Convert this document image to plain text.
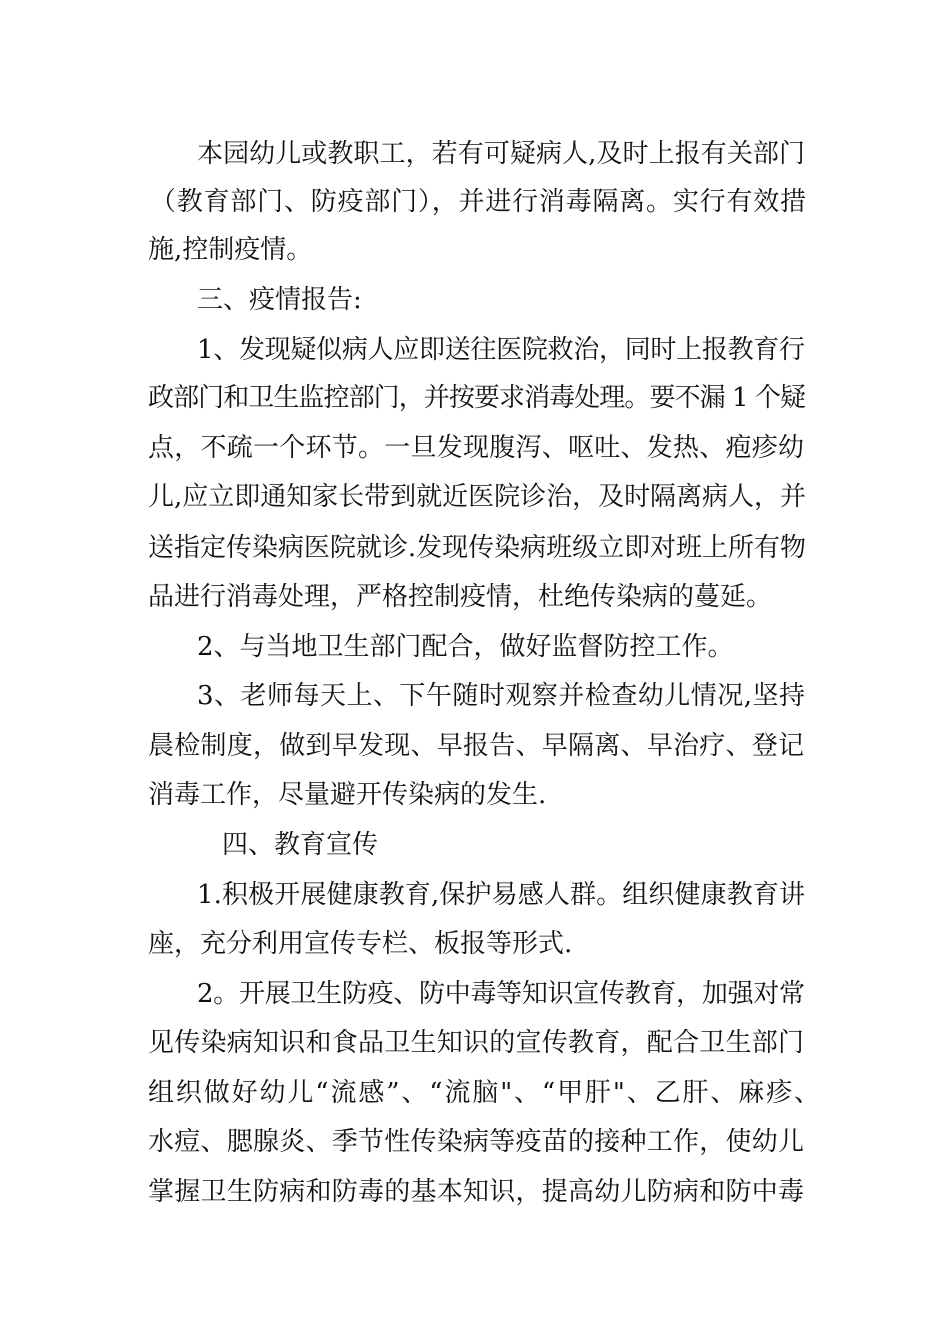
本园幼儿或教职工，若有可疑病人,及时上报有关部门
（教育部门、防疫部门），并进行消毒隔离。实行有效措
施,控制疫情。
三、疫情报告:
1、发现疑似病人应即送往医院救治，同时上报教育行
政部门和卫生监控部门，并按要求消毒处理。要不漏 1 个疑
点，不疏一个环节。一旦发现腹泻、呕吐、发热、疱疹幼
儿,应立即通知家长带到就近医院诊治，及时隔离病人，并
送指定传染病医院就诊.发现传染病班级立即对班上所有物
品进行消毒处理，严格控制疫情，杜绝传染病的蔓延。
2、与当地卫生部门配合，做好监督防控工作。
3、老师每天上、下午随时观察并检查幼儿情况,坚持
晨检制度，做到早发现、早报告、早隔离、早治疗、登记
消毒工作，尽量避开传染病的发生.
四、教育宣传
1.积极开展健康教育,保护易感人群。组织健康教育讲
座，充分利用宣传专栏、板报等形式.
2。开展卫生防疫、防中毒等知识宣传教育，加强对常
见传染病知识和食品卫生知识的宣传教育，配合卫生部门
组织做好幼儿“流感”、“流脑"、“甲肝"、乙肝、麻疹、
水痘、腮腺炎、季节性传染病等疫苗的接种工作，使幼儿
掌握卫生防病和防毒的基本知识，提高幼儿防病和防中毒
